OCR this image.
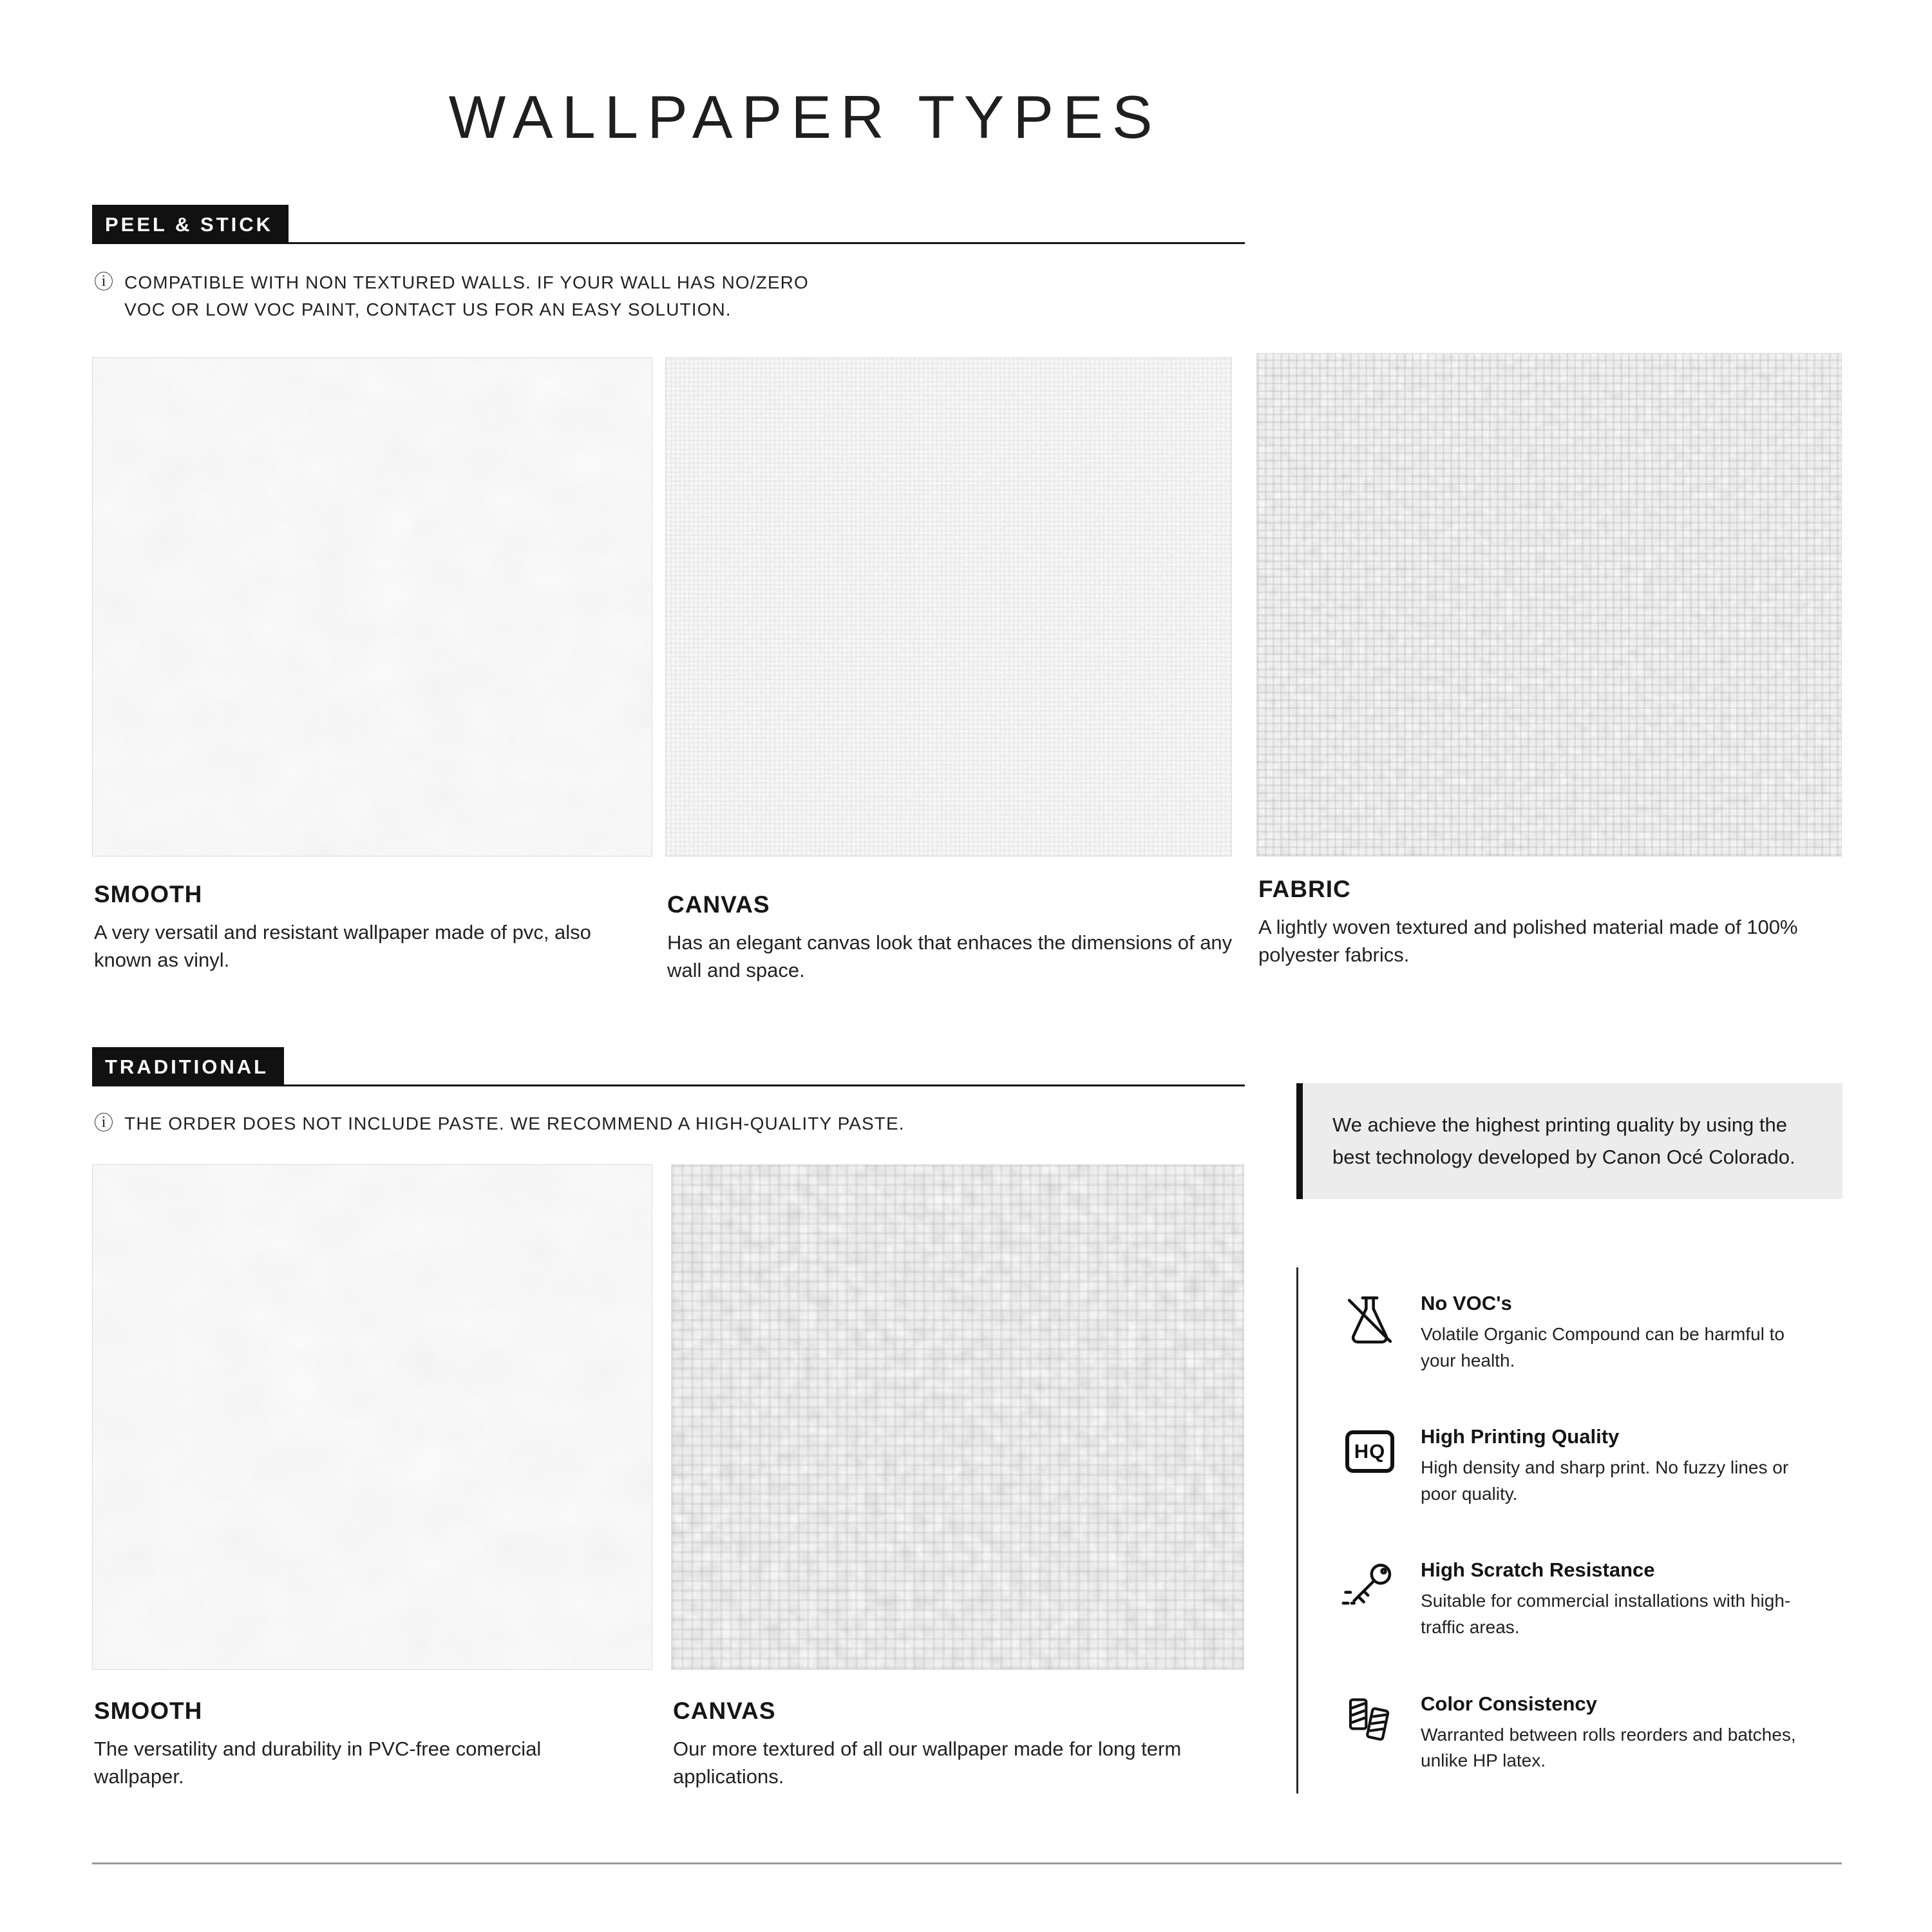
WALLPAPER TYPES
PEEL & STICK
ⓘ COMPATIBLE WITH NON TEXTURED WALLS. IF YOUR WALL HAS NO/ZERO
VOC OR LOW VOC PAINT, CONTACT US FOR AN EASY SOLUTION.
SMOOTH
A very versatil and resistant wallpaper made of pvc, also known as vinyl.
CANVAS
Has an elegant canvas look that enhaces the dimensions of any wall and space.
FABRIC
A lightly woven textured and polished material made of 100% polyester fabrics.
TRADITIONAL
ⓘ THE ORDER DOES NOT INCLUDE PASTE. WE RECOMMEND A HIGH-QUALITY PASTE.
SMOOTH
The versatility and durability in PVC-free comercial wallpaper.
CANVAS
Our more textured of all our wallpaper made for long term applications.
We achieve the highest printing quality by using the best technology developed by Canon Océ Colorado.
No VOC's
Volatile Organic Compound can be harmful to your health.
HQ
High Printing Quality
High density and sharp print. No fuzzy lines or poor quality.
High Scratch Resistance
Suitable for commercial installations with high-traffic areas.
Color Consistency
Warranted between rolls reorders and batches, unlike HP latex.
